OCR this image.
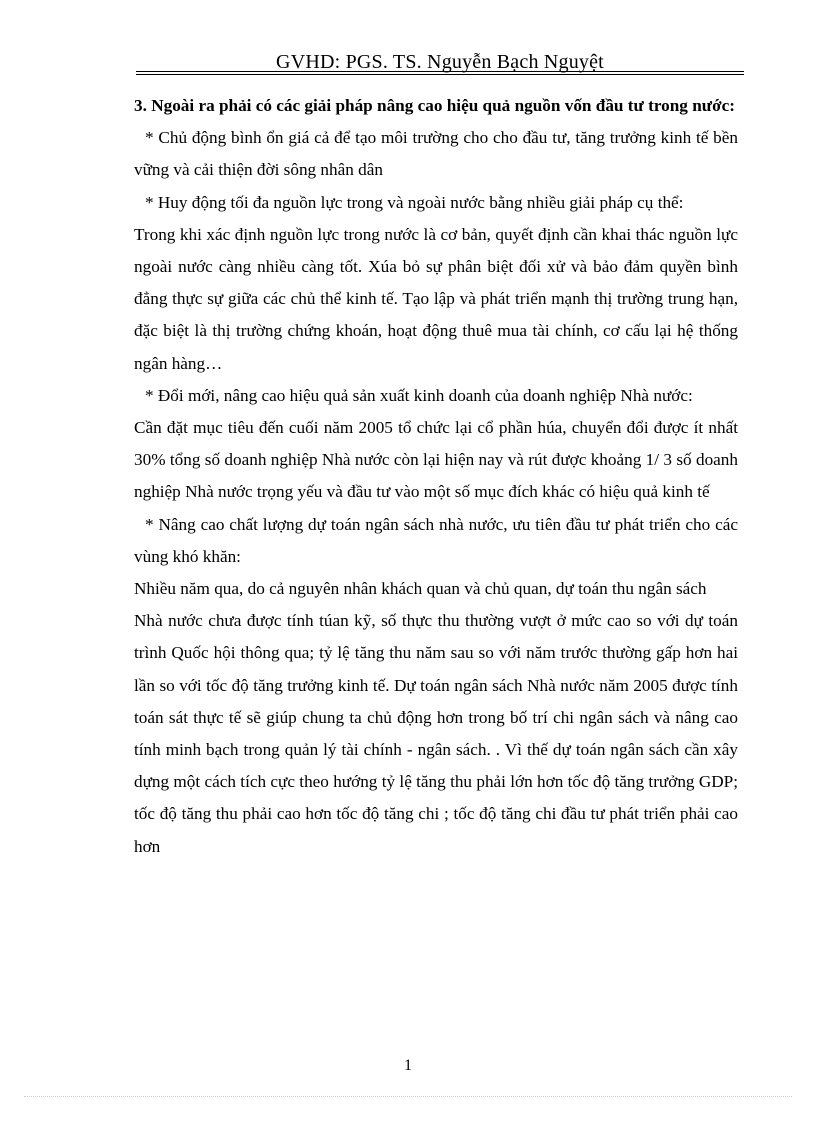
GVHD: PGS. TS. Nguyễn Bạch Nguyệt

3. Ngoài ra phải có các giải pháp nâng cao hiệu quả nguồn vốn đầu tư trong nước:

* Chủ động bình ổn giá cả để tạo môi trường cho cho đầu tư, tăng trưởng kinh tế bền vững và cải thiện đời sông nhân dân

* Huy động tối đa nguồn lực trong và ngoài nước bằng nhiều giải pháp cụ thể:

Trong khi xác định nguồn lực trong nước là cơ bản, quyết định cần khai thác nguồn lực ngoài nước càng nhiều càng tốt. Xúa bỏ sự phân biệt đối xử và bảo đảm quyền bình đẳng thực sự giữa các chủ thể kinh tế. Tạo lập và phát triển mạnh thị trường trung hạn, đặc biệt là thị trường chứng khoán, hoạt động thuê mua tài chính, cơ cấu lại hệ thống ngân hàng…

* Đổi mới, nâng cao hiệu quả sản xuất kinh doanh của doanh nghiệp Nhà nước:

Cần đặt mục tiêu đến cuối năm 2005 tổ chức lại cổ phần húa, chuyển đổi được ít nhất 30% tổng số doanh nghiệp Nhà nước còn lại hiện nay và rút được khoảng 1/ 3 số doanh nghiệp Nhà nước trọng yếu và đầu tư vào một số mục đích khác có hiệu quả kinh tế

* Nâng cao chất lượng dự toán ngân sách nhà nước, ưu tiên đầu tư phát triển cho các vùng khó khăn:

Nhiều năm qua, do cả nguyên nhân khách quan và chủ quan, dự toán thu ngân sách

Nhà nước chưa được tính túan kỹ, số thực thu thường vượt ở mức cao so với dự toán trình Quốc hội thông qua; tỷ lệ tăng thu năm sau so với năm trước thường gấp hơn hai lần so với tốc độ tăng trưởng kinh tế. Dự toán ngân sách Nhà nước năm 2005 được tính toán sát thực tế sẽ giúp chung ta chủ động hơn trong bố trí chi ngân sách và nâng cao tính minh bạch trong quản lý tài chính - ngân sách. . Vì thế dự toán ngân sách cần xây dựng một cách tích cực theo hướng tỷ lệ tăng thu phải lớn hơn tốc độ tăng trưởng GDP; tốc độ tăng thu phải cao hơn tốc độ tăng chi ; tốc độ tăng chi đầu tư phát triển phải cao hơn

1
